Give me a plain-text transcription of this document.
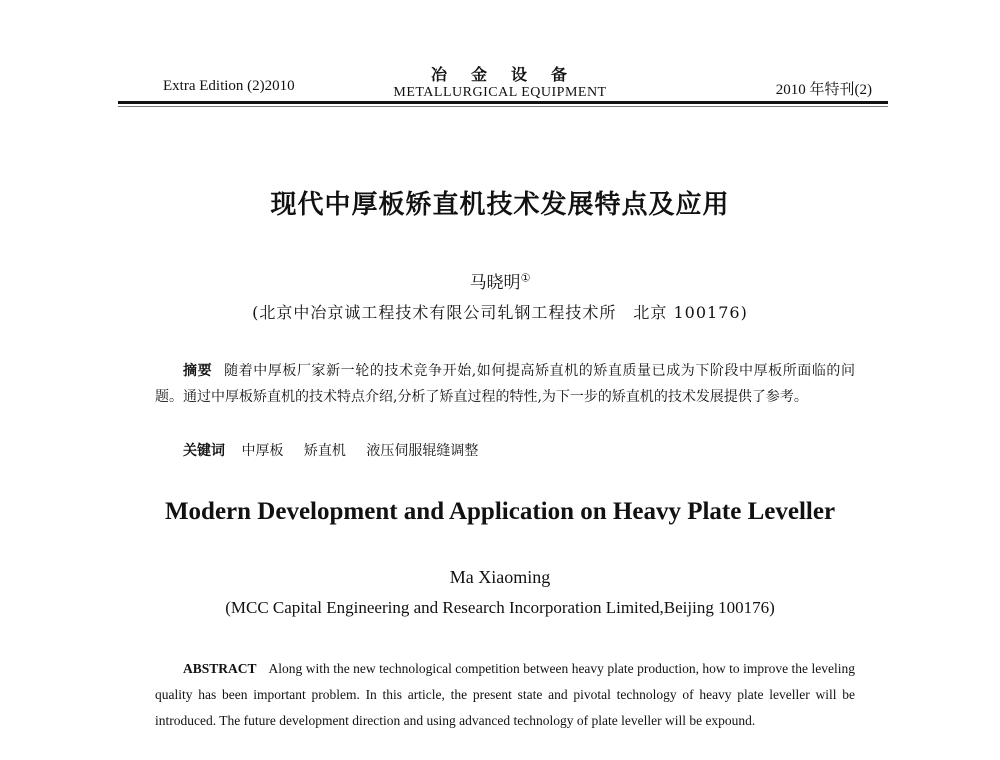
Extra Edition (2)2010
冶 金 设 备
METALLURGICAL EQUIPMENT	2010 年特刊(2)
现代中厚板矫直机技术发展特点及应用
马晓明①
(北京中冶京诚工程技术有限公司轧钢工程技术所　北京 100176)
摘要 随着中厚板厂家新一轮的技术竞争开始,如何提高矫直机的矫直质量已成为下阶段中厚板所面临的问题。通过中厚板矫直机的技术特点介绍,分析了矫直过程的特性,为下一步的矫直机的技术发展提供了参考。
关键词 中厚板 矫直机 液压伺服辊缝调整
Modern Development and Application on Heavy Plate Leveller
Ma Xiaoming
(MCC Capital Engineering and Research Incorporation Limited,Beijing 100176)
ABSTRACT Along with the new technological competition between heavy plate production, how to improve the leveling quality has been important problem. In this article, the present state and pivotal technology of heavy plate leveller will be introduced. The future development direction and using advanced technology of plate leveller will be expound.
